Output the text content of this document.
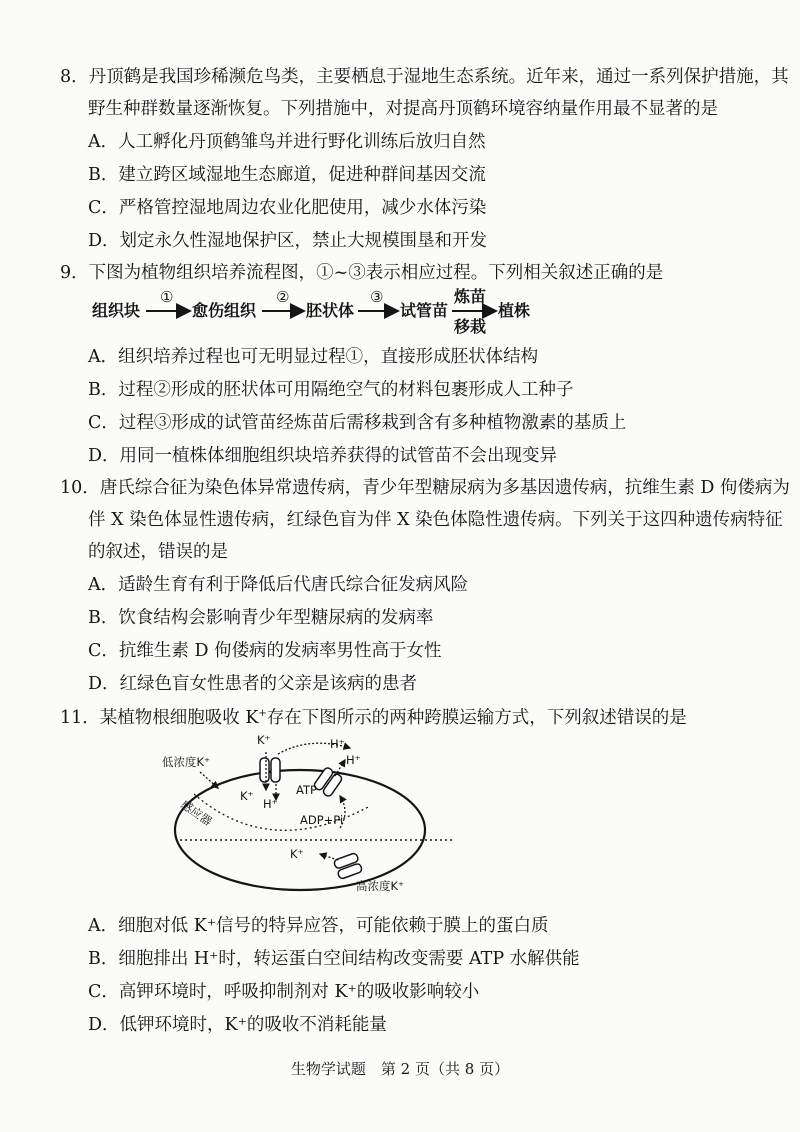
8．丹顶鹤是我国珍稀濒危鸟类，主要栖息于湿地生态系统。近年来，通过一系列保护措施，其
野生种群数量逐渐恢复。下列措施中，对提高丹顶鹤环境容纳量作用最不显著的是
A．人工孵化丹顶鹤雏鸟并进行野化训练后放归自然
B．建立跨区域湿地生态廊道，促进种群间基因交流
C．严格管控湿地周边农业化肥使用，减少水体污染
D．划定永久性湿地保护区，禁止大规模围垦和开发
9．下图为植物组织培养流程图，①~③表示相应过程。下列相关叙述正确的是
组织块
①
愈伤组织
②
胚状体
③
试管苗
炼苗
移栽
植株
A．组织培养过程也可无明显过程①，直接形成胚状体结构
B．过程②形成的胚状体可用隔绝空气的材料包裹形成人工种子
C．过程③形成的试管苗经炼苗后需移栽到含有多种植物激素的基质上
D．用同一植株体细胞组织块培养获得的试管苗不会出现变异
10．唐氏综合征为染色体异常遗传病，青少年型糖尿病为多基因遗传病，抗维生素 D 佝偻病为
伴 X 染色体显性遗传病，红绿色盲为伴 X 染色体隐性遗传病。下列关于这四种遗传病特征
的叙述，错误的是
A．适龄生育有利于降低后代唐氏综合征发病风险
B．饮食结构会影响青少年型糖尿病的发病率
C．抗维生素 D 佝偻病的发病率男性高于女性
D．红绿色盲女性患者的父亲是该病的患者
11．某植物根细胞吸收 K+存在下图所示的两种跨膜运输方式，下列叙述错误的是
低浓度K⁺
K⁺	H⁺
H⁺
K⁺
H⁺
ATP
ADP+Pi
K⁺
高浓度K⁺
感应器
A．细胞对低 K⁺信号的特异应答，可能依赖于膜上的蛋白质
B．细胞排出 H⁺时，转运蛋白空间结构改变需要 ATP 水解供能
C．高钾环境时，呼吸抑制剂对 K⁺的吸收影响较小
D．低钾环境时，K⁺的吸收不消耗能量
生物学试题　第 2 页（共 8 页）
